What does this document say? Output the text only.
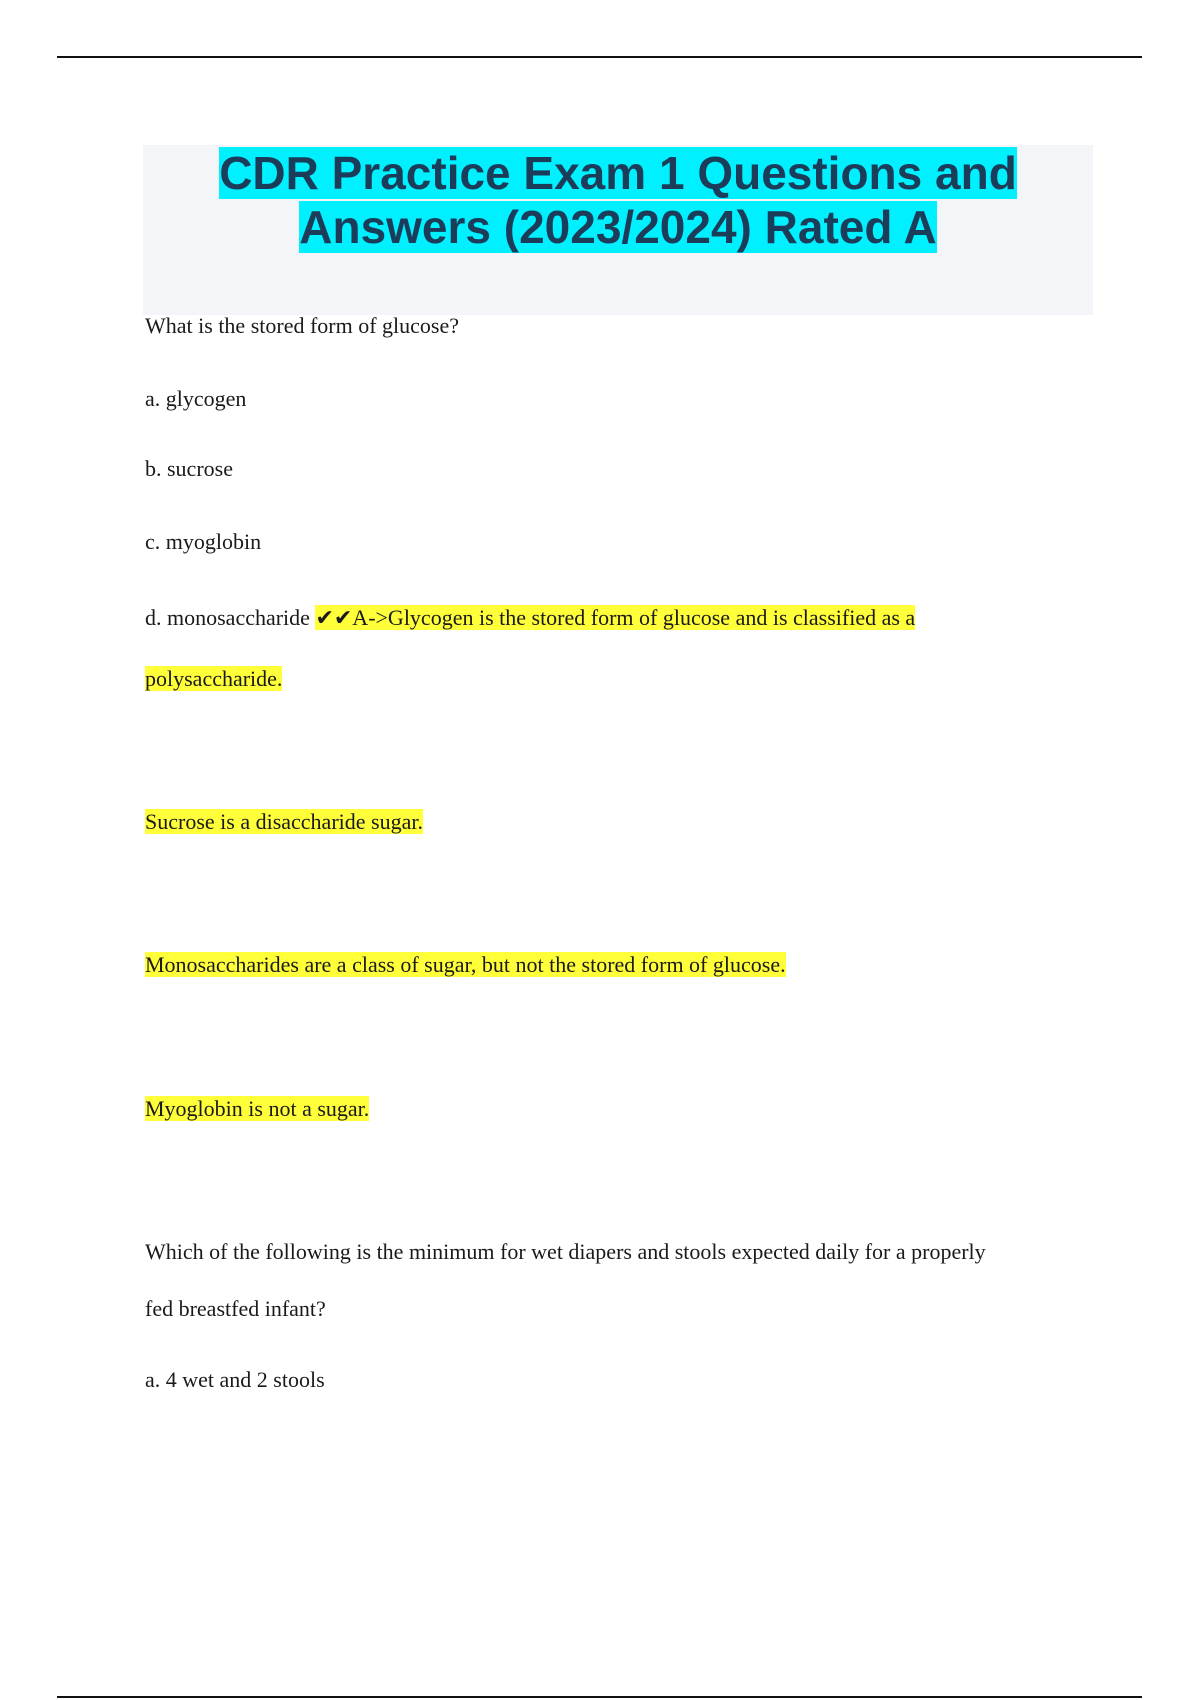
CDR Practice Exam 1 Questions and
Answers (2023/2024) Rated A

What is the stored form of glucose?

a. glycogen

b. sucrose

c. myoglobin

d. monosaccharide ✔✔A->Glycogen is the stored form of glucose and is classified as a

polysaccharide.

Sucrose is a disaccharide sugar.

Monosaccharides are a class of sugar, but not the stored form of glucose.

Myoglobin is not a sugar.

Which of the following is the minimum for wet diapers and stools expected daily for a properly

fed breastfed infant?

a. 4 wet and 2 stools
